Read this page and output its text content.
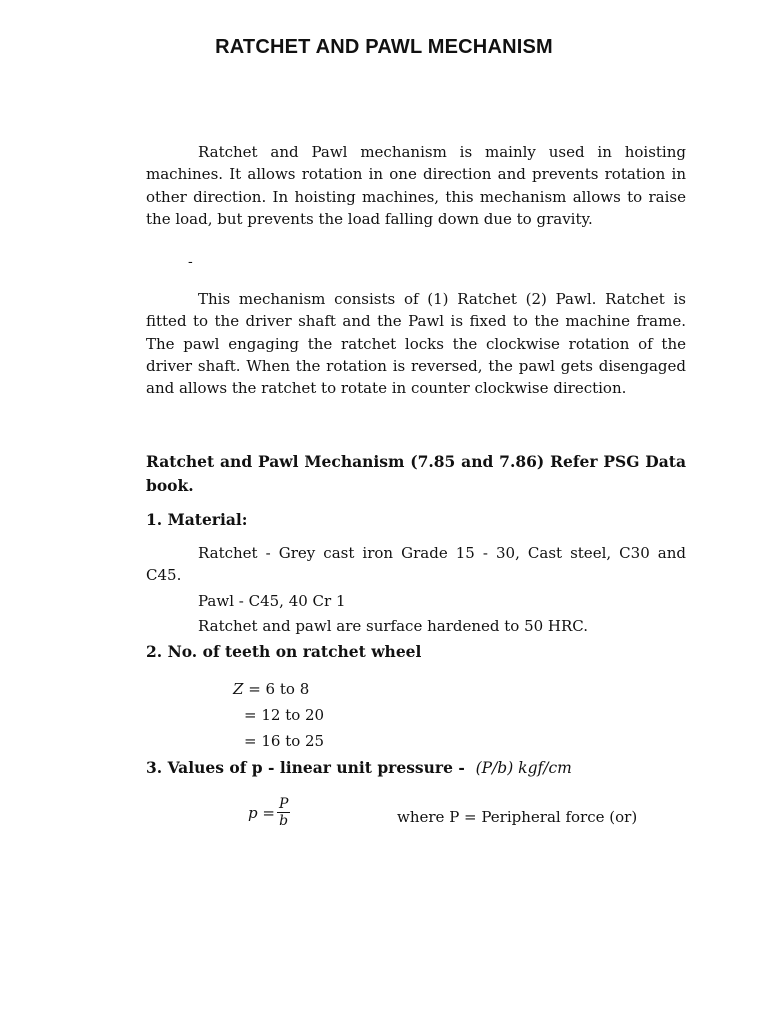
RATCHET AND PAWL MECHANISM

Ratchet and Pawl mechanism is mainly used in hoisting machines. It allows rotation in one direction and prevents rotation in other direction. In hoisting machines, this mechanism allows to raise the load, but prevents the load falling down due to gravity.

-

This mechanism consists of (1) Ratchet (2) Pawl. Ratchet is fitted to the driver shaft and the Pawl is fixed to the machine frame. The pawl engaging the ratchet locks the clockwise rotation of the driver shaft. When the rotation is reversed, the pawl gets disengaged and allows the ratchet to rotate in counter clockwise direction.

Ratchet and Pawl Mechanism (7.85 and 7.86) Refer PSG Data book.

1. Material:

Ratchet - Grey cast iron Grade 15 - 30, Cast steel, C30 and C45.

Pawl - C45, 40 Cr 1

Ratchet and pawl are surface hardened to 50 HRC.

2. No. of teeth on ratchet wheel

Z = 6 to 8

= 12 to 20

= 16 to 25

3. Values of p - linear unit pressure - (P/b) kgf/cm

$p = \frac{P}{b}$	where P = Peripheral force (or)
